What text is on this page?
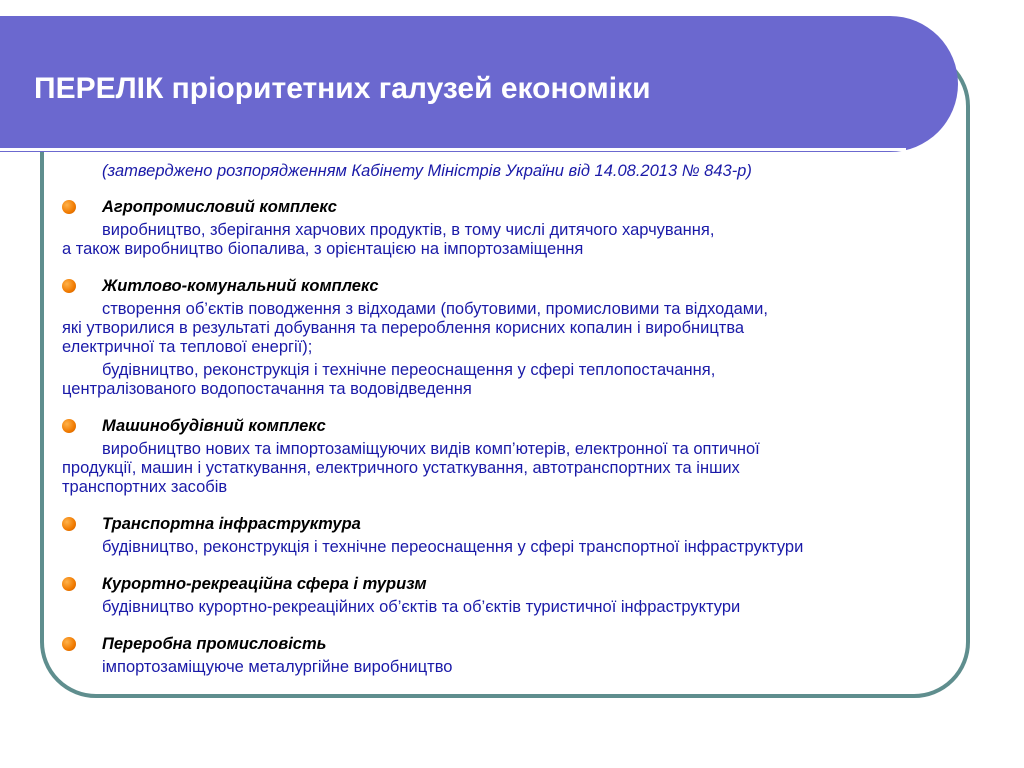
ПЕРЕЛІК пріоритетних галузей економіки

(затверджено розпорядженням Кабінету Міністрів України від 14.08.2013 № 843-р)

Агропромисловий комплекс

виробництво, зберігання харчових продуктів, в тому числі дитячого харчування,
а також виробництво біопалива, з орієнтацією на імпортозаміщення

Житлово-комунальний комплекс

створення об’єктів поводження з відходами (побутовими, промисловими та відходами,
які утворилися в результаті добування та перероблення корисних копалин і виробництва
електричної та теплової енергії);

будівництво, реконструкція і технічне переоснащення у сфері теплопостачання,
централізованого водопостачання та водовідведення

Машинобудівний комплекс

виробництво нових та імпортозаміщуючих видів комп’ютерів, електронної та оптичної
продукції, машин і устаткування, електричного устаткування, автотранспортних та інших
транспортних засобів

Транспортна інфраструктура

будівництво, реконструкція і технічне переоснащення у сфері транспортної інфраструктури

Курортно-рекреаційна сфера і туризм

будівництво курортно-рекреаційних об’єктів та об’єктів туристичної інфраструктури

Переробна промисловість

імпортозаміщуюче металургійне виробництво
